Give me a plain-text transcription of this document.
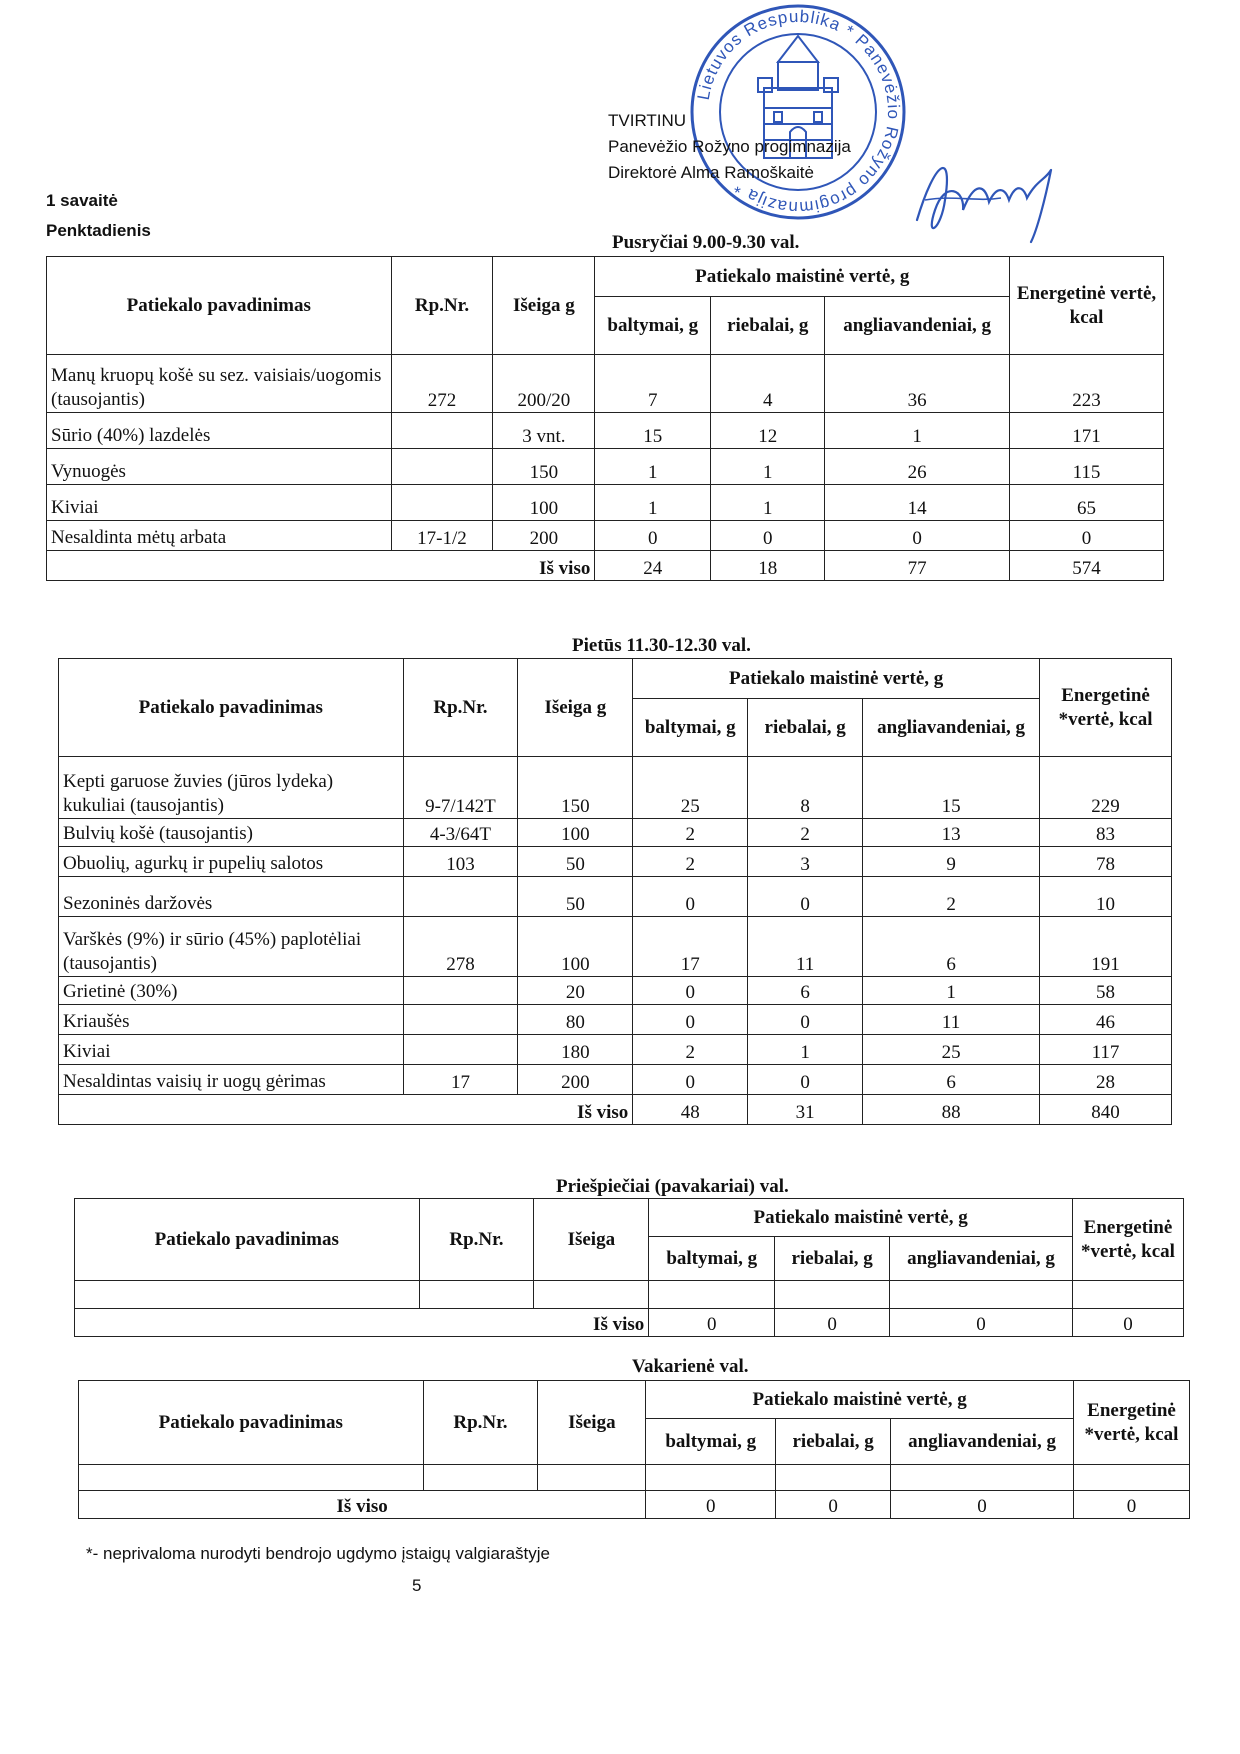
Lietuvos Respublika * Panevėžio Rožyno progimnazija *
TVIRTINU
Panevėžio Rožyno progimnazija
Direktorė Alma Ramoškaitė
1 savaitė
Penktadienis
Pusryčiai 9.00-9.30 val.
Patiekalo pavadinimas	Rp.Nr.	Išeiga g	Patiekalo maistinė vertė, g			Energetinė vertė, kcal
			baltymai, g	riebalai, g	angliavandeniai, g	
Manų kruopų košė su sez. vaisiais/uogomis (tausojantis)	272	200/20	7	4	36	223
Sūrio (40%) lazdelės		3 vnt.	15	12	1	171
Vynuogės		150	1	1	26	115
Kiviai		100	1	1	14	65
Nesaldinta mėtų arbata	17-1/2	200	0	0	0	0
Iš viso			24	18	77	574
Pietūs 11.30-12.30 val.
Patiekalo pavadinimas	Rp.Nr.	Išeiga g	Patiekalo maistinė vertė, g			Energetinė *vertė, kcal
			baltymai, g	riebalai, g	angliavandeniai, g	
Kepti garuose žuvies (jūros lydeka) kukuliai (tausojantis)	9-7/142T	150	25	8	15	229
Bulvių košė (tausojantis)	4-3/64T	100	2	2	13	83
Obuolių, agurkų ir pupelių salotos	103	50	2	3	9	78
Sezoninės daržovės		50	0	0	2	10
Varškės (9%) ir sūrio (45%) paplotėliai (tausojantis)	278	100	17	11	6	191
Grietinė (30%)		20	0	6	1	58
Kriaušės		80	0	0	11	46
Kiviai		180	2	1	25	117
Nesaldintas vaisių ir uogų gėrimas	17	200	0	0	6	28
Iš viso			48	31	88	840
Priešpiečiai (pavakariai) val.
Patiekalo pavadinimas	Rp.Nr.	Išeiga	Patiekalo maistinė vertė, g			Energetinė *vertė, kcal
			baltymai, g	riebalai, g	angliavandeniai, g	

Iš viso			0	0	0	0
Vakarienė val.
Patiekalo pavadinimas	Rp.Nr.	Išeiga	Patiekalo maistinė vertė, g			Energetinė *vertė, kcal
			baltymai, g	riebalai, g	angliavandeniai, g	

Iš viso			0	0	0	0
*- neprivaloma nurodyti bendrojo ugdymo įstaigų valgiaraštyje
5
